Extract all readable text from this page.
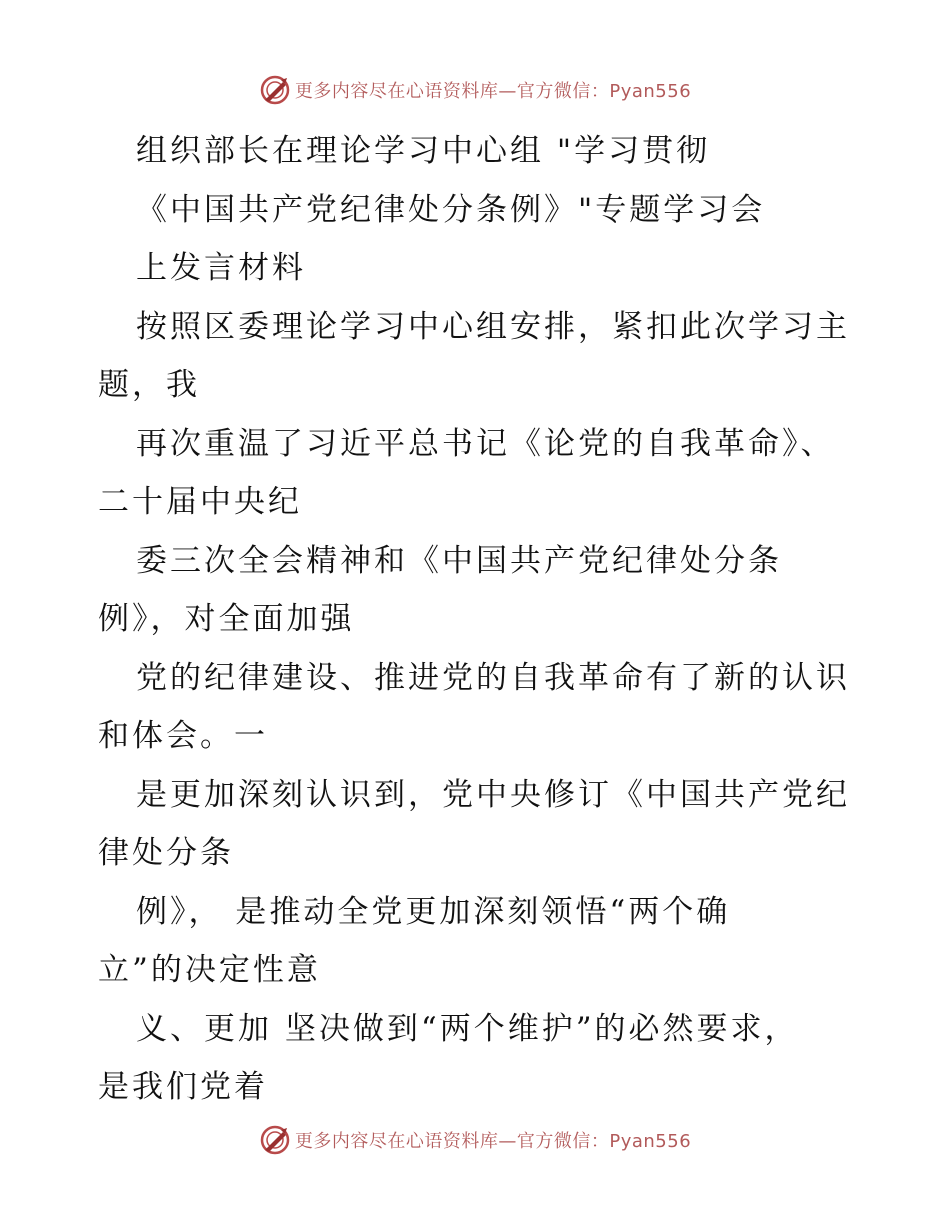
更多内容尽在心语资料库—官方微信：Pyan556
组织部长在理论学习中心组 "学习贯彻
《中国共产党纪律处分条例》"专题学习会
上发言材料
按照区委理论学习中心组安排，紧扣此次学习主
题，我
再次重温了习近平总书记《论党的自我革命》、
二十届中央纪
委三次全会精神和《中国共产党纪律处分条
例》，对全面加强
党的纪律建设、推进党的自我革命有了新的认识
和体会。一
是更加深刻认识到，党中央修订《中国共产党纪
律处分条
例》， 是推动全党更加深刻领悟“两个确
立”的决定性意
义、更加 坚决做到“两个维护”的必然要求，
是我们党着
更多内容尽在心语资料库—官方微信：Pyan556
